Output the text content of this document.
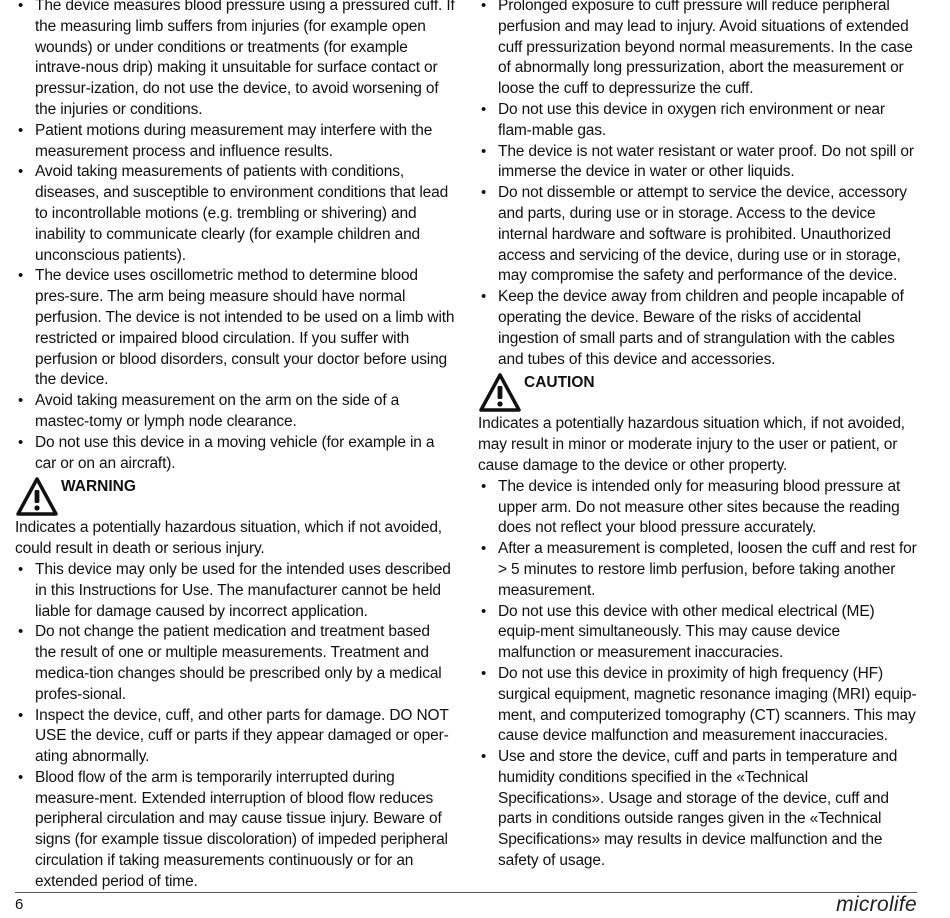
• The device measures blood pressure using a pressured cuff. If the measuring limb suffers from injuries (for example open wounds) or under conditions or treatments (for example intrave-nous drip) making it unsuitable for surface contact or pressur-ization, do not use the device, to avoid worsening of the injuries or conditions.
• Patient motions during measurement may interfere with the measurement process and influence results.
• Avoid taking measurements of patients with conditions, diseases, and susceptible to environment conditions that lead to incontrollable motions (e.g. trembling or shivering) and inability to communicate clearly (for example children and unconscious patients).
• The device uses oscillometric method to determine blood pres-sure. The arm being measure should have normal perfusion. The device is not intended to be used on a limb with restricted or impaired blood circulation. If you suffer with perfusion or blood disorders, consult your doctor before using the device.
• Avoid taking measurement on the arm on the side of a mastec-tomy or lymph node clearance.
• Do not use this device in a moving vehicle (for example in a car or on an aircraft).
WARNING

Indicates a potentially hazardous situation, which if not avoided, could result in death or serious injury.

• This device may only be used for the intended uses described in this Instructions for Use. The manufacturer cannot be held liable for damage caused by incorrect application.
• Do not change the patient medication and treatment based the result of one or multiple measurements. Treatment and medica-tion changes should be prescribed only by a medical profes-sional.
• Inspect the device, cuff, and other parts for damage. DO NOT USE the device, cuff or parts if they appear damaged or oper-ating abnormally.
• Blood flow of the arm is temporarily interrupted during measure-ment. Extended interruption of blood flow reduces peripheral circulation and may cause tissue injury. Beware of signs (for example tissue discoloration) of impeded peripheral circulation if taking measurements continuously or for an extended period of time.
• Prolonged exposure to cuff pressure will reduce peripheral perfusion and may lead to injury. Avoid situations of extended cuff pressurization beyond normal measurements. In the case of abnormally long pressurization, abort the measurement or loose the cuff to depressurize the cuff.
• Do not use this device in oxygen rich environment or near flam-mable gas.
• The device is not water resistant or water proof. Do not spill or immerse the device in water or other liquids.
• Do not dissemble or attempt to service the device, accessory and parts, during use or in storage. Access to the device internal hardware and software is prohibited. Unauthorized access and servicing of the device, during use or in storage, may compromise the safety and performance of the device.
• Keep the device away from children and people incapable of operating the device. Beware of the risks of accidental ingestion of small parts and of strangulation with the cables and tubes of this device and accessories.
CAUTION

Indicates a potentially hazardous situation which, if not avoided, may result in minor or moderate injury to the user or patient, or cause damage to the device or other property.

• The device is intended only for measuring blood pressure at upper arm. Do not measure other sites because the reading does not reflect your blood pressure accurately.
• After a measurement is completed, loosen the cuff and rest for > 5 minutes to restore limb perfusion, before taking another measurement.
• Do not use this device with other medical electrical (ME) equip-ment simultaneously. This may cause device malfunction or measurement inaccuracies.
• Do not use this device in proximity of high frequency (HF) surgical equipment, magnetic resonance imaging (MRI) equip-ment, and computerized tomography (CT) scanners. This may cause device malfunction and measurement inaccuracies.
• Use and store the device, cuff and parts in temperature and humidity conditions specified in the «Technical Specifications». Usage and storage of the device, cuff and parts in conditions outside ranges given in the «Technical Specifications» may results in device malfunction and the safety of usage.
6	microlife
